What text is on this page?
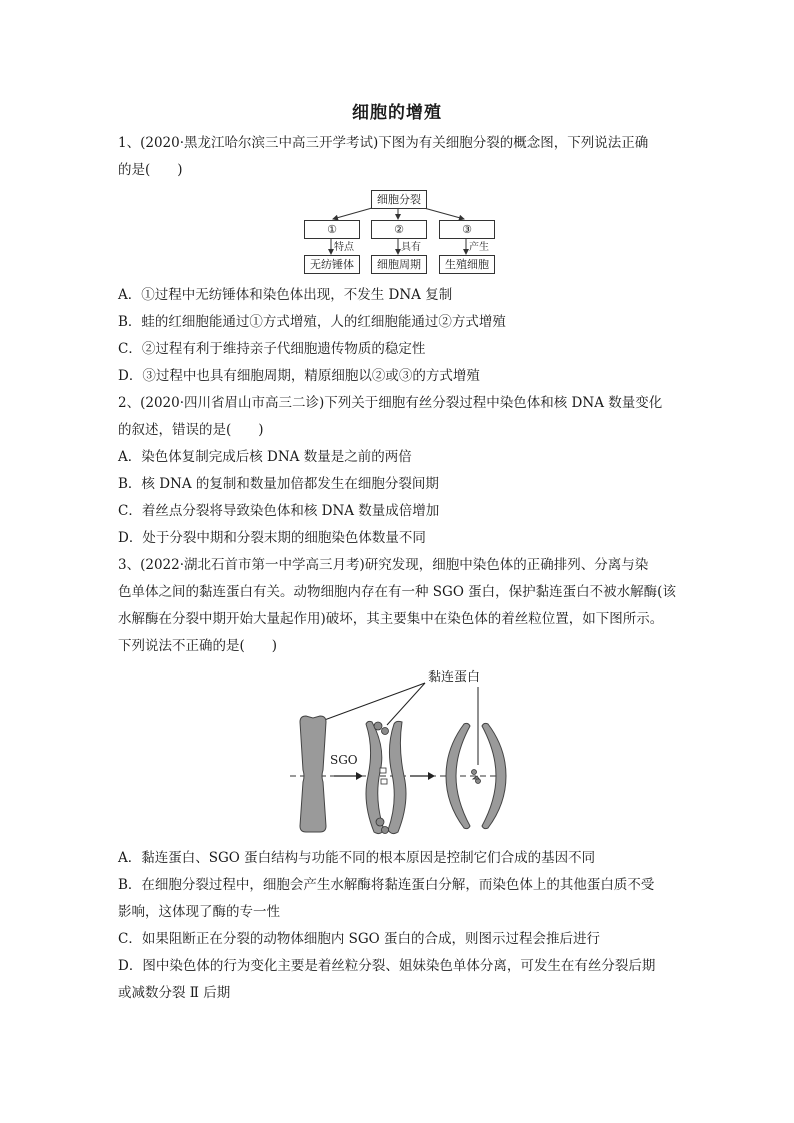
细胞的增殖
1、(2020·黑龙江哈尔滨三中高三开学考试)下图为有关细胞分裂的概念图，下列说法正确
的是(　　)
细胞分裂
①	②	③
特点	具有	产生
无纺锤体	细胞周期	生殖细胞
A．①过程中无纺锤体和染色体出现，不发生 DNA 复制
B．蛙的红细胞能通过①方式增殖，人的红细胞能通过②方式增殖
C．②过程有利于维持亲子代细胞遗传物质的稳定性
D．③过程中也具有细胞周期，精原细胞以②或③的方式增殖
2、(2020·四川省眉山市高三二诊)下列关于细胞有丝分裂过程中染色体和核 DNA 数量变化
的叙述，错误的是(　　)
A．染色体复制完成后核 DNA 数量是之前的两倍
B．核 DNA 的复制和数量加倍都发生在细胞分裂间期
C．着丝点分裂将导致染色体和核 DNA 数量成倍增加
D．处于分裂中期和分裂末期的细胞染色体数量不同
3、(2022·湖北石首市第一中学高三月考)研究发现，细胞中染色体的正确排列、分离与染
色单体之间的黏连蛋白有关。动物细胞内存在有一种 SGO 蛋白，保护黏连蛋白不被水解酶(该
水解酶在分裂中期开始大量起作用)破坏，其主要集中在染色体的着丝粒位置，如下图所示。
下列说法不正确的是(　　)
黏连蛋白
SGO
A．黏连蛋白、SGO 蛋白结构与功能不同的根本原因是控制它们合成的基因不同
B．在细胞分裂过程中，细胞会产生水解酶将黏连蛋白分解，而染色体上的其他蛋白质不受
影响，这体现了酶的专一性
C．如果阻断正在分裂的动物体细胞内 SGO 蛋白的合成，则图示过程会推后进行
D．图中染色体的行为变化主要是着丝粒分裂、姐妹染色单体分离，可发生在有丝分裂后期
或减数分裂 Ⅱ 后期
